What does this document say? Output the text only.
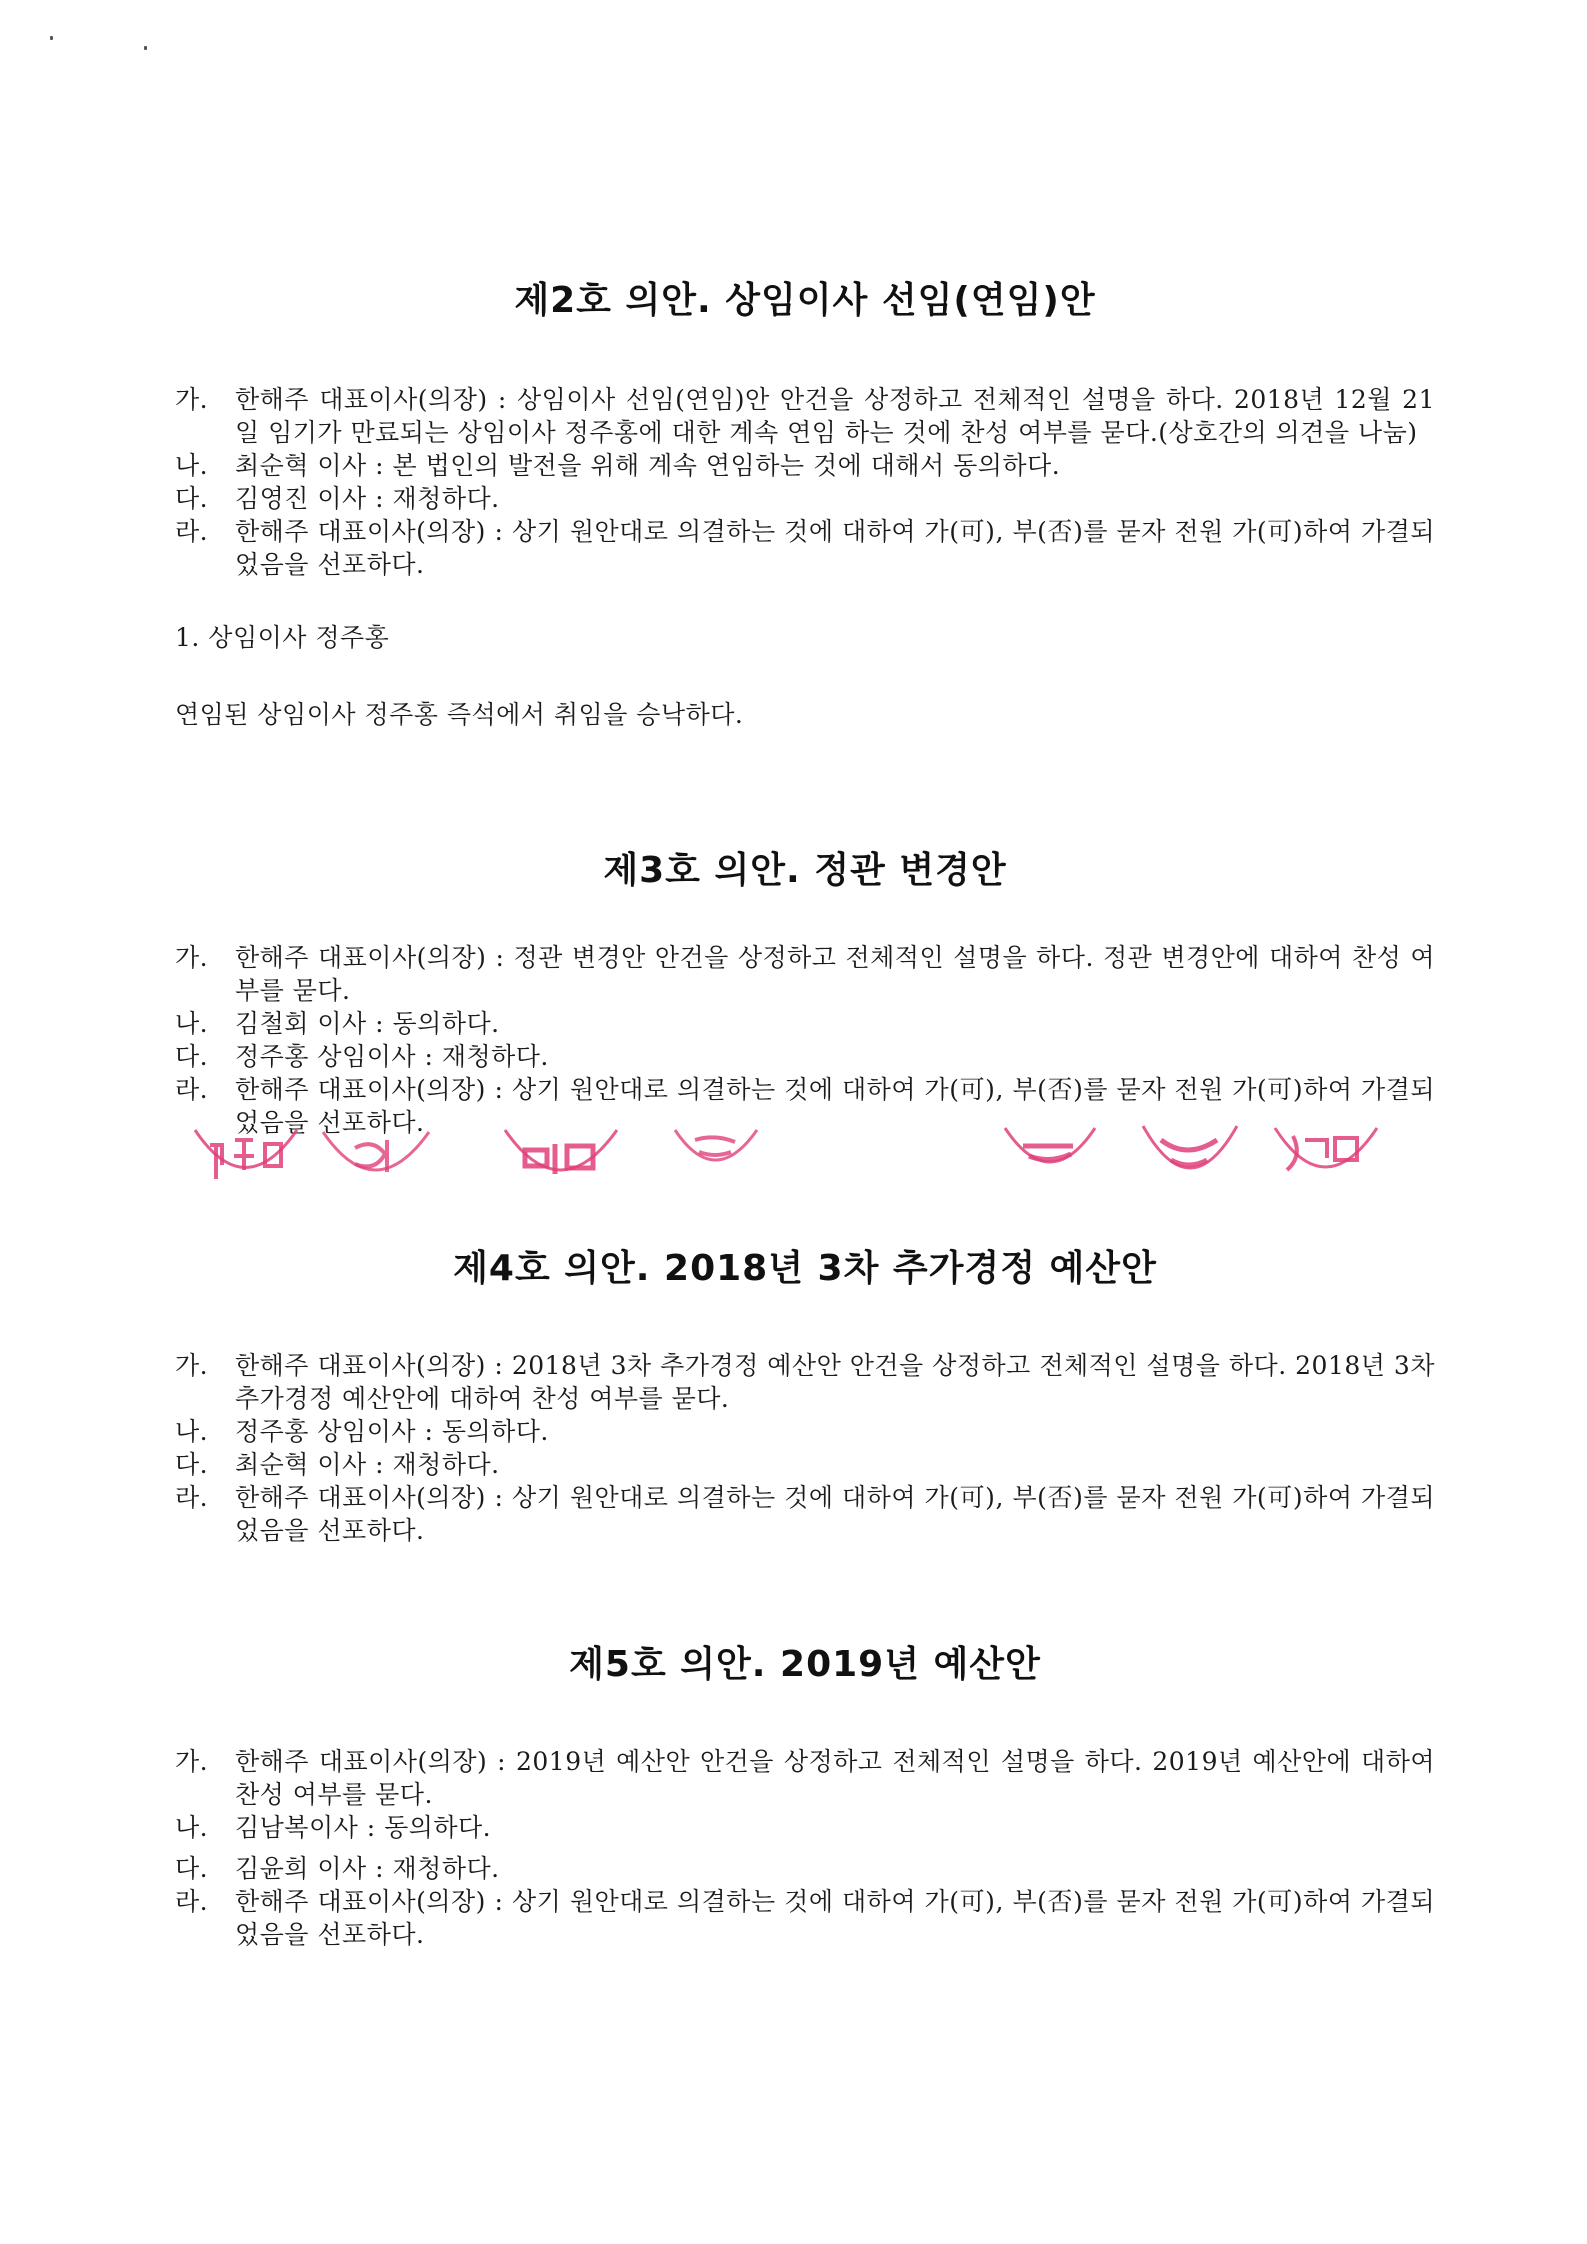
제2호 의안. 상임이사 선임(연임)안

가. 한해주 대표이사(의장) : 상임이사 선임(연임)안 안건을 상정하고 전체적인 설명을 하다. 2018년 12월 21일 임기가 만료되는 상임이사 정주홍에 대한 계속 연임 하는 것에 찬성 여부를 묻다.(상호간의 의견을 나눔)

나. 최순혁 이사 : 본 법인의 발전을 위해 계속 연임하는 것에 대해서 동의하다.

다. 김영진 이사 : 재청하다.

라. 한해주 대표이사(의장) : 상기 원안대로 의결하는 것에 대하여 가(可), 부(否)를 묻자 전원 가(可)하여 가결되었음을 선포하다.

1. 상임이사 정주홍

연임된 상임이사 정주홍 즉석에서 취임을 승낙하다.

제3호 의안. 정관 변경안

가. 한해주 대표이사(의장) : 정관 변경안 안건을 상정하고 전체적인 설명을 하다. 정관 변경안에 대하여 찬성 여부를 묻다.

나. 김철회 이사 : 동의하다.

다. 정주홍 상임이사 : 재청하다.

라. 한해주 대표이사(의장) : 상기 원안대로 의결하는 것에 대하여 가(可), 부(否)를 묻자 전원 가(可)하여 가결되었음을 선포하다.

제4호 의안. 2018년 3차 추가경정 예산안

가. 한해주 대표이사(의장) : 2018년 3차 추가경정 예산안 안건을 상정하고 전체적인 설명을 하다. 2018년 3차 추가경정 예산안에 대하여 찬성 여부를 묻다.

나. 정주홍 상임이사 : 동의하다.

다. 최순혁 이사 : 재청하다.

라. 한해주 대표이사(의장) : 상기 원안대로 의결하는 것에 대하여 가(可), 부(否)를 묻자 전원 가(可)하여 가결되었음을 선포하다.

제5호 의안. 2019년 예산안

가. 한해주 대표이사(의장) : 2019년 예산안 안건을 상정하고 전체적인 설명을 하다. 2019년 예산안에 대하여 찬성 여부를 묻다.

나. 김남복이사 : 동의하다.

다. 김윤희 이사 : 재청하다.

라. 한해주 대표이사(의장) : 상기 원안대로 의결하는 것에 대하여 가(可), 부(否)를 묻자 전원 가(可)하여 가결되었음을 선포하다.
